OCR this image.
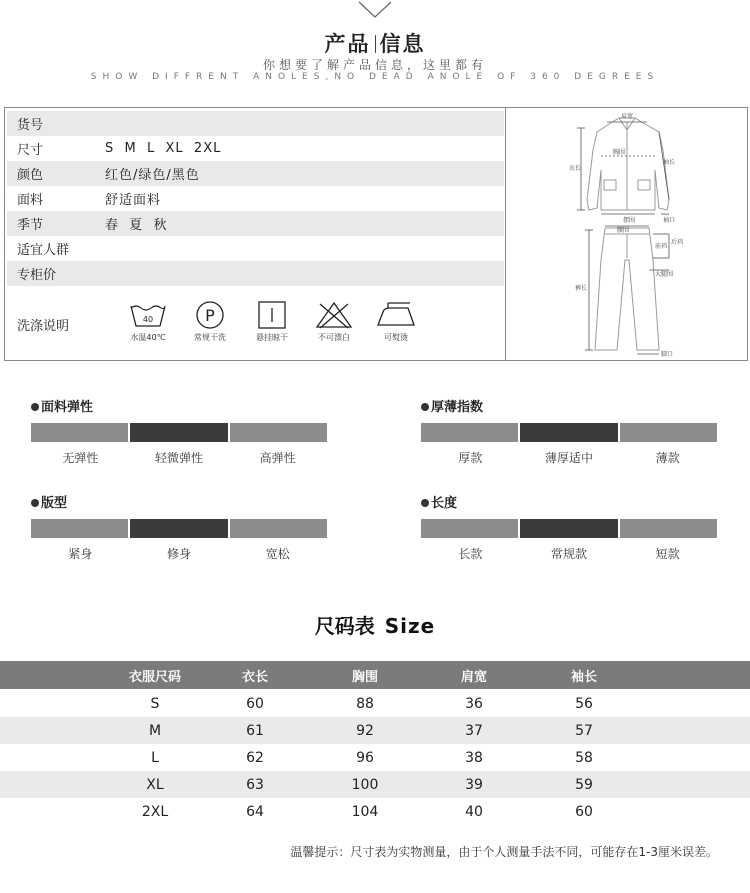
产品 信息
你想要了解产品信息，这里都有
SHOW DIFFRENT ANOLES,NO DEAD ANOLE OF 360 DEGREES
货号
尺寸	S  M  L  XL  2XL
颜色	红色/绿色/黑色
面料	舒适面料
季节	春  夏  秋
适宜人群
专柜价
洗涤说明	40
水温40℃
P
常规干洗	悬挂晾干	不可漂白	可熨烫
肩宽
胸围
袖长
衣长
摆围	袖口
腰围
前裆
后裆
大腿围
裤长
脚口
面料弹性
无弹性	轻微弹性	高弹性
厚薄指数
厚款	薄厚适中	薄款
版型
紧身	修身	宽松
长度
长款	常规款	短款
尺码表 Size
衣服尺码	衣长	胸围	肩宽	袖长
S	60	88	36	56
M	61	92	37	57
L	62	96	38	58
XL	63	100	39	59
2XL	64	104	40	60
温馨提示：尺寸表为实物测量，由于个人测量手法不同，可能存在1-3厘米误差。
